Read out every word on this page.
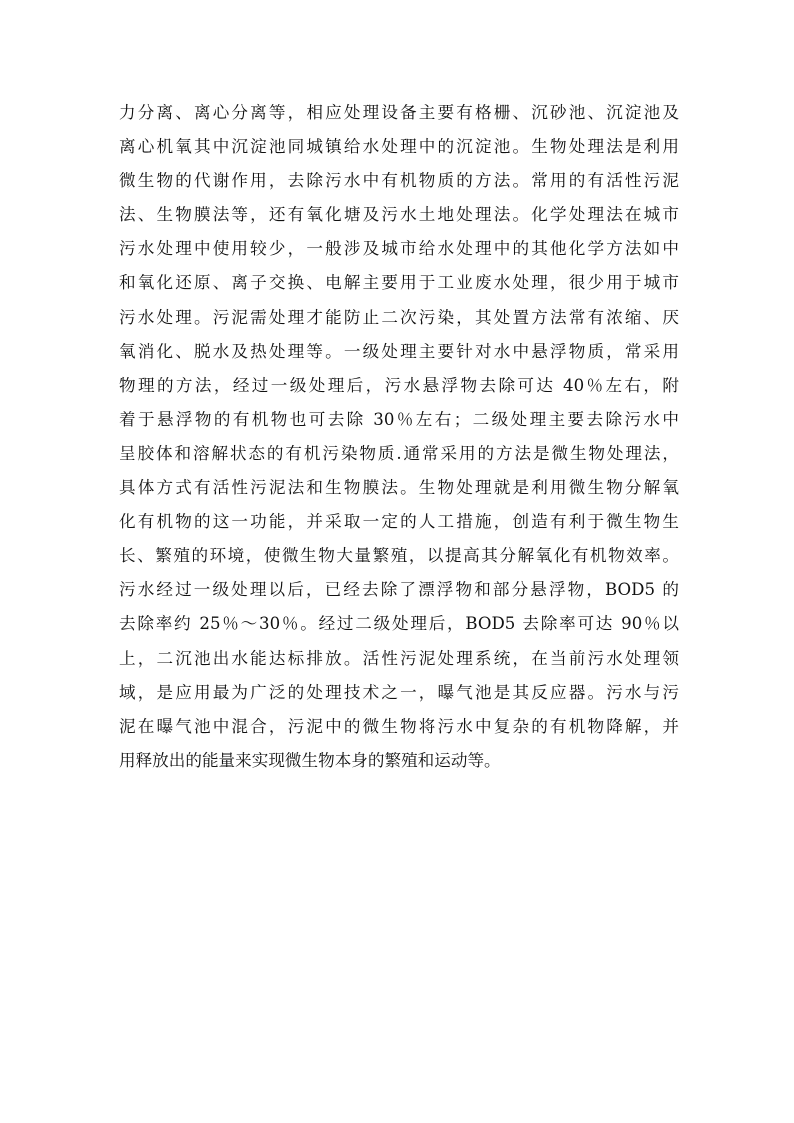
力分离、离心分离等，相应处理设备主要有格栅、沉砂池、沉淀池及
离心机氧其中沉淀池同城镇给水处理中的沉淀池。生物处理法是利用
微生物的代谢作用，去除污水中有机物质的方法。常用的有活性污泥
法、生物膜法等，还有氧化塘及污水土地处理法。化学处理法在城市
污水处理中使用较少，一般涉及城市给水处理中的其他化学方法如中
和氧化还原、离子交换、电解主要用于工业废水处理，很少用于城市
污水处理。污泥需处理才能防止二次污染，其处置方法常有浓缩、厌
氧消化、脱水及热处理等。一级处理主要针对水中悬浮物质，常采用
物理的方法，经过一级处理后，污水悬浮物去除可达 40％左右，附
着于悬浮物的有机物也可去除 30％左右；二级处理主要去除污水中
呈胶体和溶解状态的有机污染物质.通常采用的方法是微生物处理法，
具体方式有活性污泥法和生物膜法。生物处理就是利用微生物分解氧
化有机物的这一功能，并采取一定的人工措施，创造有利于微生物生
长、繁殖的环境，使微生物大量繁殖，以提高其分解氧化有机物效率。
污水经过一级处理以后，已经去除了漂浮物和部分悬浮物，BOD5 的
去除率约 25％～30％。经过二级处理后，BOD5 去除率可达 90％以
上，二沉池出水能达标排放。活性污泥处理系统，在当前污水处理领
域，是应用最为广泛的处理技术之一，曝气池是其反应器。污水与污
泥在曝气池中混合，污泥中的微生物将污水中复杂的有机物降解，并
用释放出的能量来实现微生物本身的繁殖和运动等。
